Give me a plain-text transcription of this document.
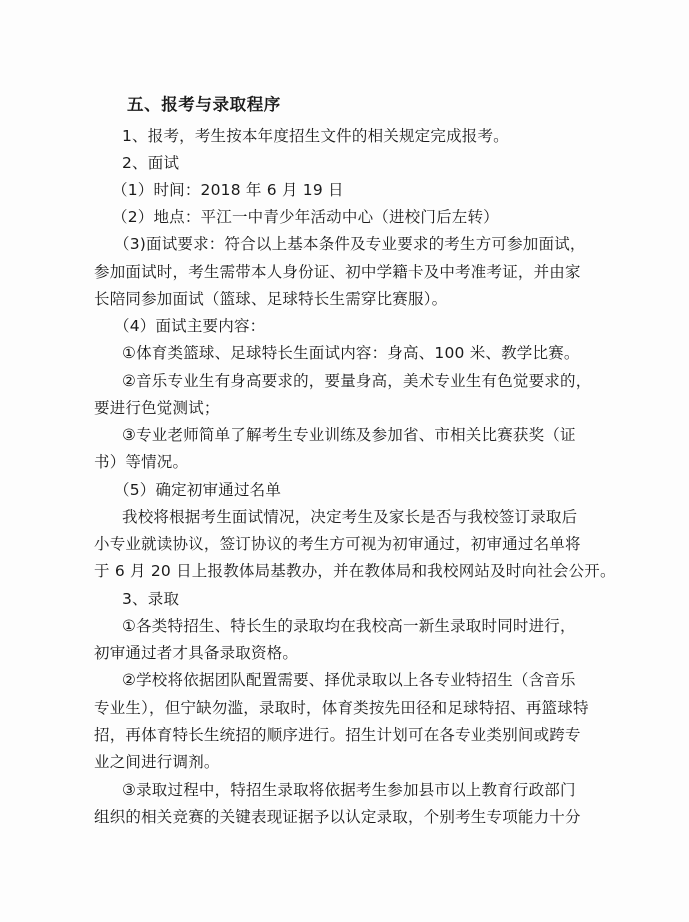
五、报考与录取程序
1、报考，考生按本年度招生文件的相关规定完成报考。
2、面试
（1）时间：2018 年 6 月 19 日
（2）地点：平江一中青少年活动中心（进校门后左转）
（3)面试要求：符合以上基本条件及专业要求的考生方可参加面试，
参加面试时，考生需带本人身份证、初中学籍卡及中考准考证，并由家
长陪同参加面试（篮球、足球特长生需穿比赛服）。
（4）面试主要内容：
①体育类篮球、足球特长生面试内容：身高、100 米、教学比赛。
②音乐专业生有身高要求的，要量身高，美术专业生有色觉要求的，
要进行色觉测试；
③专业老师简单了解考生专业训练及参加省、市相关比赛获奖（证
书）等情况。
（5）确定初审通过名单
我校将根据考生面试情况，决定考生及家长是否与我校签订录取后
小专业就读协议，签订协议的考生方可视为初审通过，初审通过名单将
于 6 月 20 日上报教体局基教办，并在教体局和我校网站及时向社会公开。
3、录取
①各类特招生、特长生的录取均在我校高一新生录取时同时进行，
初审通过者才具备录取资格。
②学校将依据团队配置需要、择优录取以上各专业特招生（含音乐
专业生），但宁缺勿滥，录取时，体育类按先田径和足球特招、再篮球特
招，再体育特长生统招的顺序进行。招生计划可在各专业类别间或跨专
业之间进行调剂。
③录取过程中，特招生录取将依据考生参加县市以上教育行政部门
组织的相关竞赛的关键表现证据予以认定录取，个别考生专项能力十分
